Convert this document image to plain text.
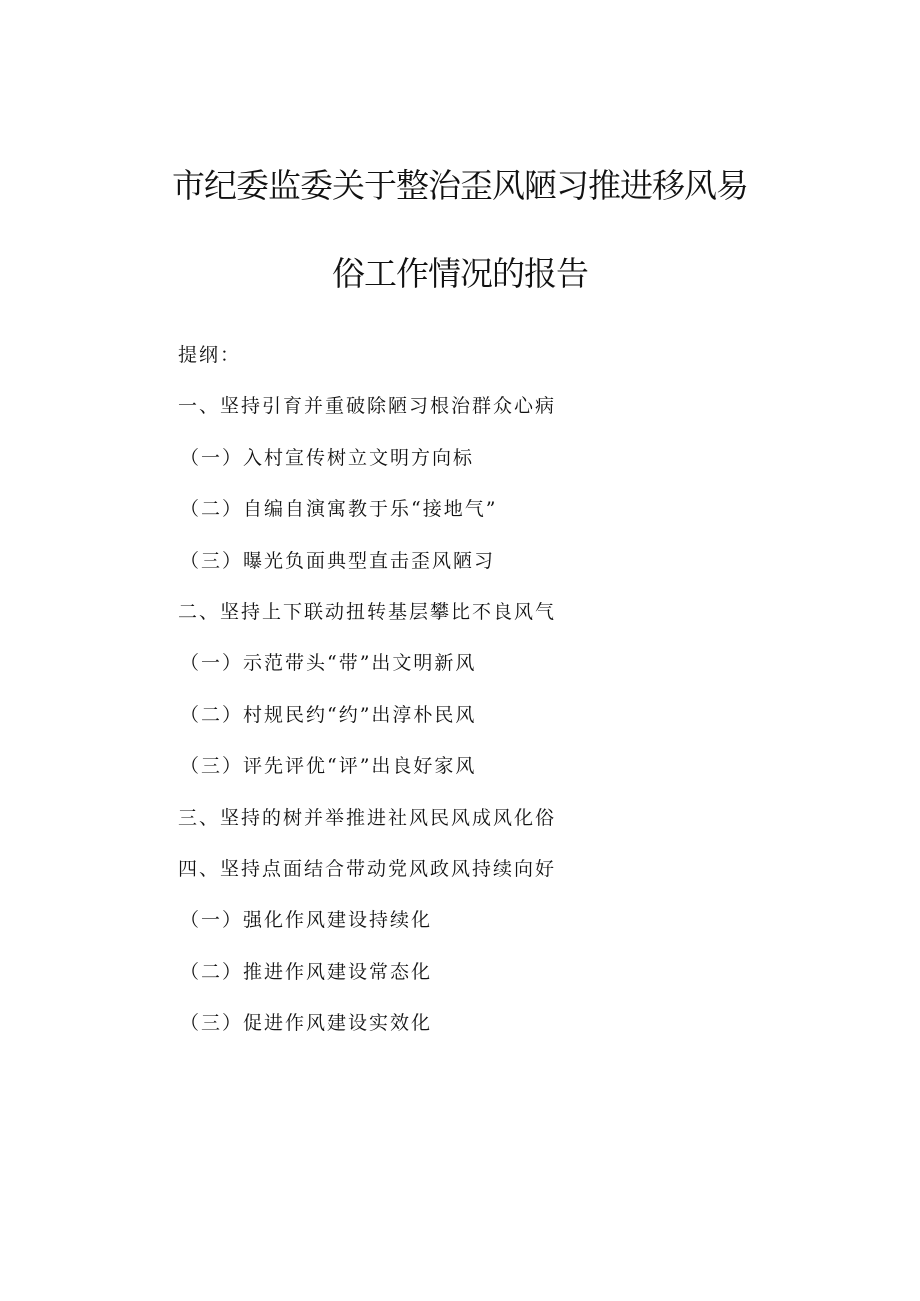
市纪委监委关于整治歪风陋习推进移风易
俗工作情况的报告
提纲：
一、坚持引育并重破除陋习根治群众心病
（一）入村宣传树立文明方向标
（二）自编自演寓教于乐“接地气”
（三）曝光负面典型直击歪风陋习
二、坚持上下联动扭转基层攀比不良风气
（一）示范带头“带”出文明新风
（二）村规民约“约”出淳朴民风
（三）评先评优“评”出良好家风
三、坚持的树并举推进社风民风成风化俗
四、坚持点面结合带动党风政风持续向好
（一）强化作风建设持续化
（二）推进作风建设常态化
（三）促进作风建设实效化
